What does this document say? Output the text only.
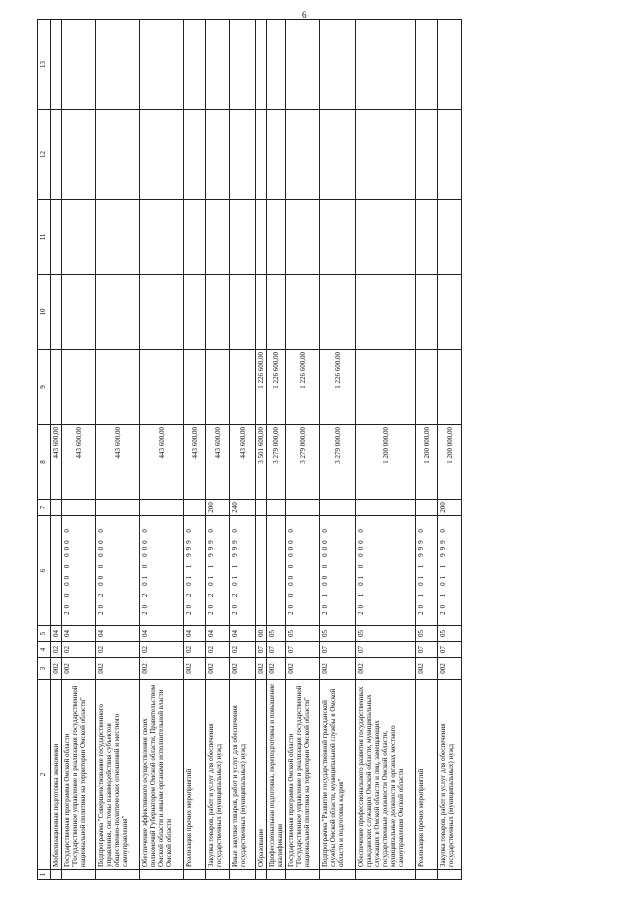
6
1	2	3	4	5	6	7	8	9	10	11	12	13
	Мобилизационная подготовка экономики	002	02	04			443 600,00					
	Государственная программа Омской области "Государственное управление и реализация государственной национальной политики на территории Омской области"	002	02	04	20 0 00 0 000 0		443 600,00					
	Подпрограмма "Совершенствование государственного управления, системы взаимодействия субъектов общественно-политических отношений и местного самоуправления"	002	02	04	20 2 00 0 000 0		443 600,00					
	Обеспечение эффективного осуществления своих полномочий Губернатором Омской области, Правительством Омской области и иными органами исполнительной власти Омской области	002	02	04	20 2 01 0 000 0		443 600,00					
	Реализация прочих мероприятий	002	02	04	20 2 01 1 999 0		443 600,00					
	Закупка товаров, работ и услуг для обеспечения государственных (муниципальных) нужд	002	02	04	20 2 01 1 999 0	200	443 600,00					
	Иные закупки товаров, работ и услуг для обеспечения государственных (муниципальных) нужд	002	02	04	20 2 01 1 999 0	240	443 600,00					
	Образование	002	07	00			3 501 600,00	1 226 600,00				
	Профессиональная подготовка, переподготовка и повышение квалификации	002	07	05			3 279 000,00	1 226 600,00				
	Государственная программа Омской области "Государственное управление и реализация государственной национальной политики на территории Омской области"	002	07	05	20 0 00 0 000 0		3 279 000,00	1 226 600,00				
	Подпрограмма "Развитие государственной гражданской службы Омской области, муниципальной службы в Омской области и подготовка кадров"	002	07	05	20 1 00 0 000 0		3 279 000,00	1 226 600,00				
	Обеспечение профессионального развития государственных гражданских служащих Омской области, муниципальных служащих в Омской области и лиц, замещающих государственные должности Омской области, муниципальные должности в органах местного самоуправления Омской области	002	07	05	20 1 01 0 000 0		1 200 000,00					
	Реализация прочих мероприятий	002	07	05	20 1 01 1 999 0		1 200 000,00					
	Закупка товаров, работ и услуг для обеспечения государственных (муниципальных) нужд	002	07	05	20 1 01 1 999 0	200	1 200 000,00					
